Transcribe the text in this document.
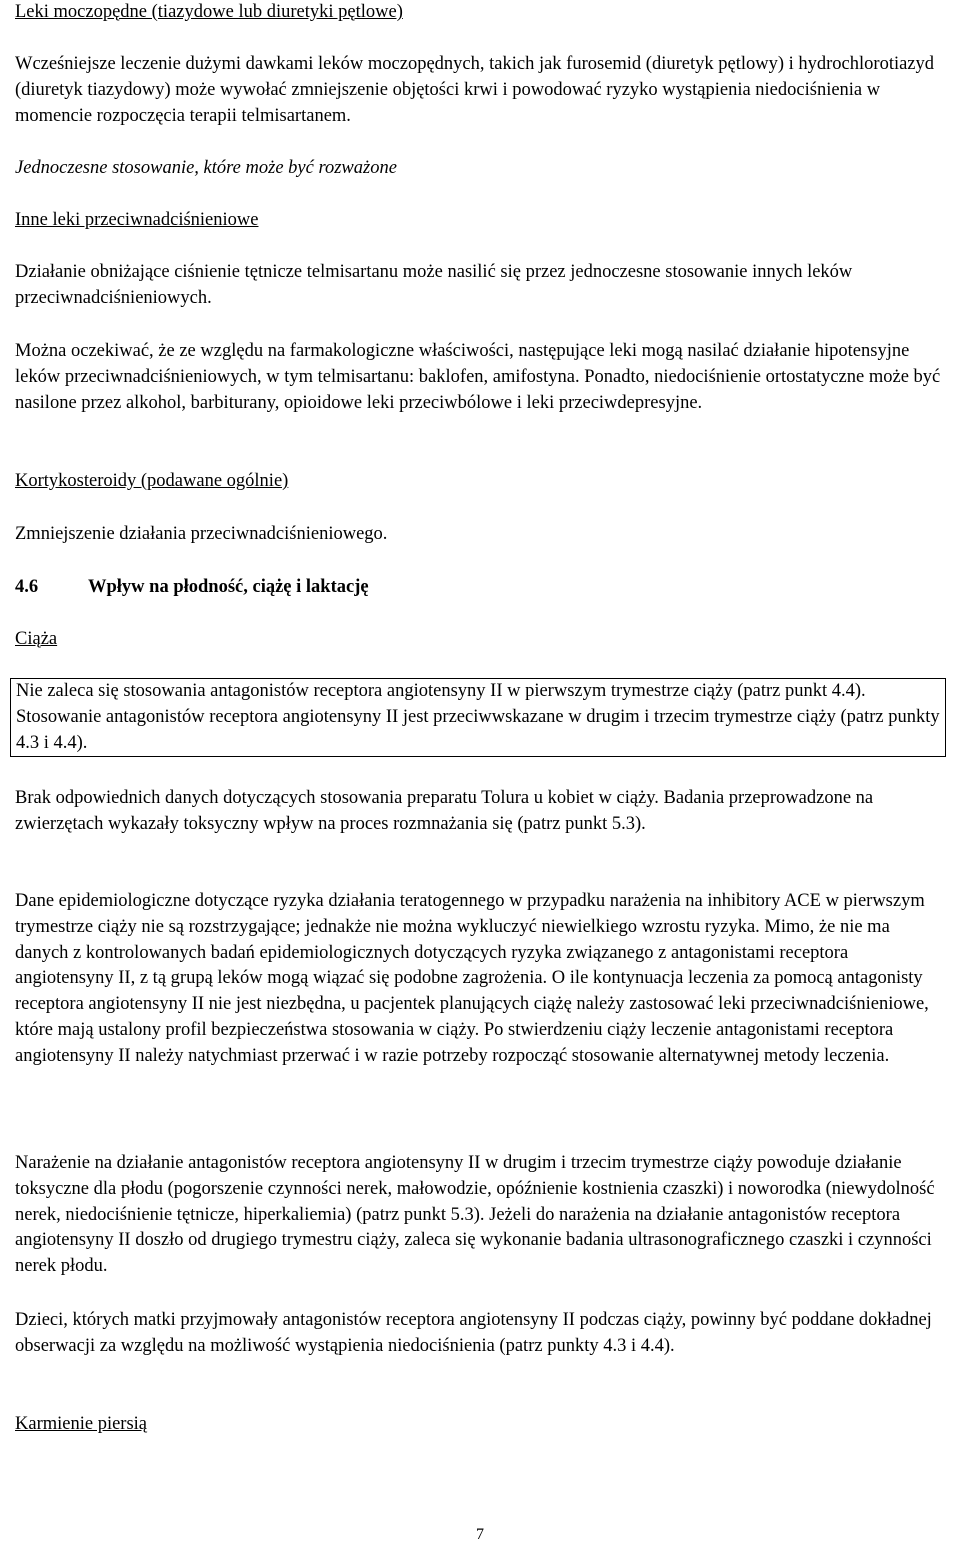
Leki moczopędne (tiazydowe lub diuretyki pętlowe)

Wcześniejsze leczenie dużymi dawkami leków moczopędnych, takich jak furosemid (diuretyk pętlowy) i hydrochlorotiazyd (diuretyk tiazydowy) może wywołać zmniejszenie objętości krwi i powodować ryzyko wystąpienia niedociśnienia w momencie rozpoczęcia terapii telmisartanem.

Jednoczesne stosowanie, które może być rozważone

Inne leki przeciwnadciśnieniowe

Działanie obniżające ciśnienie tętnicze telmisartanu może nasilić się przez jednoczesne stosowanie innych leków przeciwnadciśnieniowych.

Można oczekiwać, że ze względu na farmakologiczne właściwości, następujące leki mogą nasilać działanie hipotensyjne leków przeciwnadciśnieniowych, w tym telmisartanu: baklofen, amifostyna. Ponadto, niedociśnienie ortostatyczne może być nasilone przez alkohol, barbiturany, opioidowe leki przeciwbólowe i leki przeciwdepresyjne.

Kortykosteroidy (podawane ogólnie)

Zmniejszenie działania przeciwnadciśnieniowego.

4.6	Wpływ na płodność, ciążę i laktację

Ciąża

Nie zaleca się stosowania antagonistów receptora angiotensyny II w pierwszym trymestrze ciąży (patrz punkt 4.4). Stosowanie antagonistów receptora angiotensyny II jest przeciwwskazane w drugim i trzecim trymestrze ciąży (patrz punkty 4.3 i 4.4).

Brak odpowiednich danych dotyczących stosowania preparatu Tolura u kobiet w ciąży. Badania przeprowadzone na zwierzętach wykazały toksyczny wpływ na proces rozmnażania się (patrz punkt 5.3).

Dane epidemiologiczne dotyczące ryzyka działania teratogennego w przypadku narażenia na inhibitory ACE w pierwszym trymestrze ciąży nie są rozstrzygające; jednakże nie można wykluczyć niewielkiego wzrostu ryzyka. Mimo, że nie ma danych z kontrolowanych badań epidemiologicznych dotyczących ryzyka związanego z antagonistami receptora angiotensyny II, z tą grupą leków mogą wiązać się podobne zagrożenia. O ile kontynuacja leczenia za pomocą antagonisty receptora angiotensyny II nie jest niezbędna, u pacjentek planujących ciążę należy zastosować leki przeciwnadciśnieniowe, które mają ustalony profil bezpieczeństwa stosowania w ciąży. Po stwierdzeniu ciąży leczenie antagonistami receptora angiotensyny II należy natychmiast przerwać i w razie potrzeby rozpocząć stosowanie alternatywnej metody leczenia.

Narażenie na działanie antagonistów receptora angiotensyny II w drugim i trzecim trymestrze ciąży powoduje działanie toksyczne dla płodu (pogorszenie czynności nerek, małowodzie, opóźnienie kostnienia czaszki) i noworodka (niewydolność nerek, niedociśnienie tętnicze, hiperkaliemia) (patrz punkt 5.3). Jeżeli do narażenia na działanie antagonistów receptora angiotensyny II doszło od drugiego trymestru ciąży, zaleca się wykonanie badania ultrasonograficznego czaszki i czynności nerek płodu.

Dzieci, których matki przyjmowały antagonistów receptora angiotensyny II podczas ciąży, powinny być poddane dokładnej obserwacji za względu na możliwość wystąpienia niedociśnienia (patrz punkty 4.3 i 4.4).

Karmienie piersią

7
